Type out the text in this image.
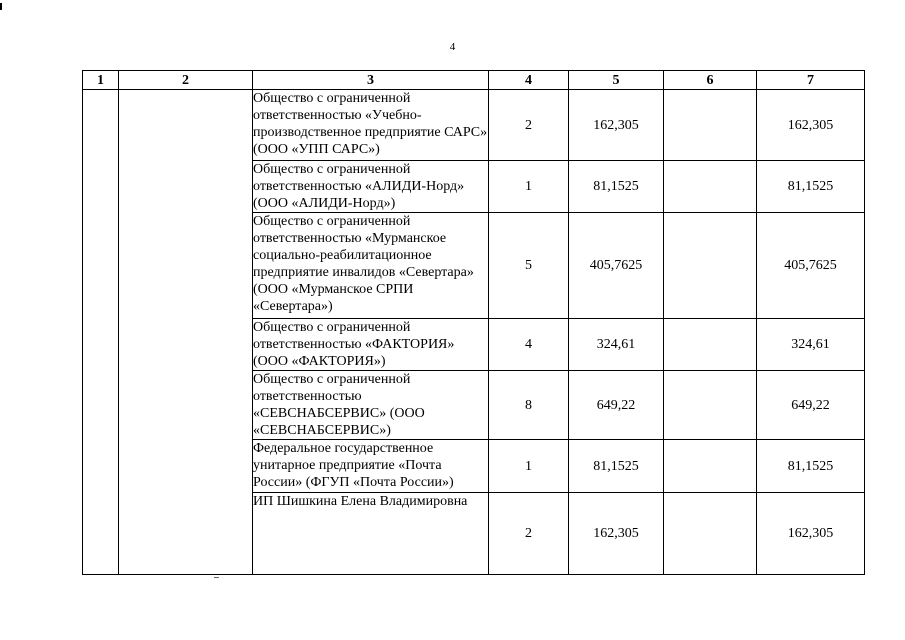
4
1	2	3	4	5	6	7
		Общество с ограниченной ответственностью «Учебно-производственное предприятие САРС» (ООО «УПП САРС»)	2	162,305		162,305
		Общество с ограниченной ответственностью «АЛИДИ-Норд» (ООО «АЛИДИ-Норд»)	1	81,1525		81,1525
		Общество с ограниченной ответственностью «Мурманское социально-реабилитационное предприятие инвалидов «Севертара» (ООО «Мурманское СРПИ «Севертара»)	5	405,7625		405,7625
		Общество с ограниченной ответственностью «ФАКТОРИЯ» (ООО «ФАКТОРИЯ»)	4	324,61		324,61
		Общество с ограниченной ответственностью «СЕВСНАБСЕРВИС» (ООО «СЕВСНАБСЕРВИС»)	8	649,22		649,22
		Федеральное государственное унитарное предприятие «Почта России» (ФГУП «Почта России»)	1	81,1525		81,1525
		ИП Шишкина Елена Владимировна	2	162,305		162,305
